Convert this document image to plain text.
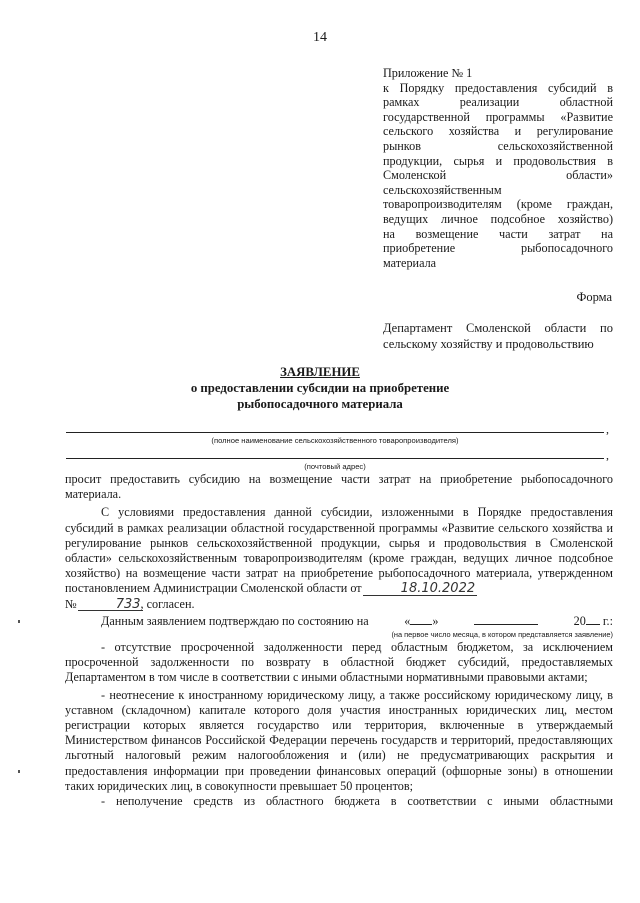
14
Приложение № 1
к Порядку предоставления субсидий в
рамках реализации областной
государственной программы «Развитие
сельского хозяйства и регулирование
рынков сельскохозяйственной
продукции, сырья и продовольствия в
Смоленской области»
сельскохозяйственным
товаропроизводителям (кроме граждан,
ведущих личное подсобное хозяйство)
на возмещение части затрат на
приобретение рыбопосадочного
материала
Форма
Департамент Смоленской области по
сельскому хозяйству и продовольствию
ЗАЯВЛЕНИЕ
о предоставлении субсидии на приобретение
рыбопосадочного материала
,
(полное наименование сельскохозяйственного товаропроизводителя)
,
(почтовый адрес)

просит предоставить субсидию на возмещение части затрат на приобретение рыбопосадочного материала.

С условиями предоставления данной субсидии, изложенными в Порядке предоставления субсидий в рамках реализации областной государственной программы «Развитие сельского хозяйства и регулирование рынков сельскохозяйственной продукции, сырья и продовольствия в Смоленской области» сельскохозяйственным товаропроизводителям (кроме граждан, ведущих личное подсобное хозяйство) на возмещение части затрат на приобретение рыбопосадочного материала, утвержденном постановлением Администрации Смоленской области от	18.10.2022
№	733, согласен.

Данным заявлением подтверждаю по состоянию на	« »	20 г.:
(на первое число месяца, в котором представляется заявление)

- отсутствие просроченной задолженности перед областным бюджетом, за исключением просроченной задолженности по возврату в областной бюджет субсидий, предоставляемых Департаментом в том числе в соответствии с иными областными нормативными правовыми актами;

- неотнесение к иностранному юридическому лицу, а также российскому юридическому лицу, в уставном (складочном) капитале которого доля участия иностранных юридических лиц, местом регистрации которых является государство или территория, включенные в утверждаемый Министерством финансов Российской Федерации перечень государств и территорий, предоставляющих льготный налоговый режим налогообложения и (или) не предусматривающих раскрытия и предоставления информации при проведении финансовых операций (офшорные зоны) в отношении таких юридических лиц, в совокупности превышает 50 процентов;

- неполучение средств из областного бюджета в соответствии с иными областными
